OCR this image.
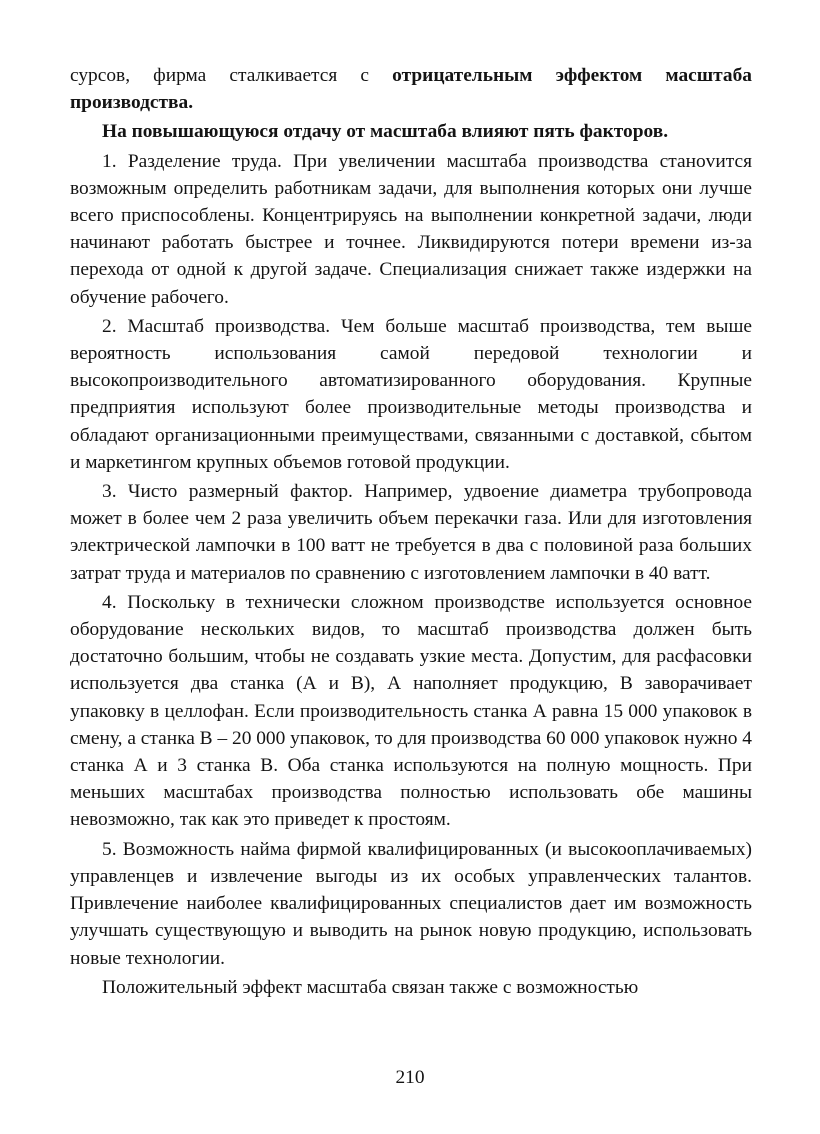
сурсов, фирма сталкивается с отрицательным эффектом масштаба производства.

На повышающуюся отдачу от масштаба влияют пять факторов.

1. Разделение труда. При увеличении масштаба производства станоvится возможным определить работникам задачи, для выполнения которых они лучше всего приспособлены. Концентрируясь на выполнении конкретной задачи, люди начинают работать быстрее и точнее. Ликвидируются потери времени из-за перехода от одной к другой задаче. Специализация снижает также издержки на обучение рабочего.

2. Масштаб производства. Чем больше масштаб производства, тем выше вероятность использования самой передовой технологии и высокопроизводительного автоматизированного оборудования. Крупные предприятия используют более производительные методы производства и обладают организационными преимуществами, связанными с доставкой, сбытом и маркетингом крупных объемов готовой продукции.

3. Чисто размерный фактор. Например, удвоение диаметра трубопровода может в более чем 2 раза увеличить объем перекачки газа. Или для изготовления электрической лампочки в 100 ватт не требуется в два с половиной раза больших затрат труда и материалов по сравнению с изготовлением лампочки в 40 ватт.

4. Поскольку в технически сложном производстве используется основное оборудование нескольких видов, то масштаб производства должен быть достаточно большим, чтобы не создавать узкие места. Допустим, для расфасовки используется два станка (А и В), А наполняет продукцию, В заворачивает упаковку в целлофан. Если производительность станка А равна 15 000 упаковок в смену, а станка В – 20 000 упаковок, то для производства 60 000 упаковок нужно 4 станка А и 3 станка В. Оба станка используются на полную мощность. При меньших масштабах производства полностью использовать обе машины невозможно, так как это приведет к простоям.

5. Возможность найма фирмой квалифицированных (и высокооплачиваемых) управленцев и извлечение выгоды из их особых управленческих талантов. Привлечение наиболее квалифицированных специалистов дает им возможность улучшать существующую и выводить на рынок новую продукцию, использовать новые технологии.

Положительный эффект масштаба связан также с возможностью

210
